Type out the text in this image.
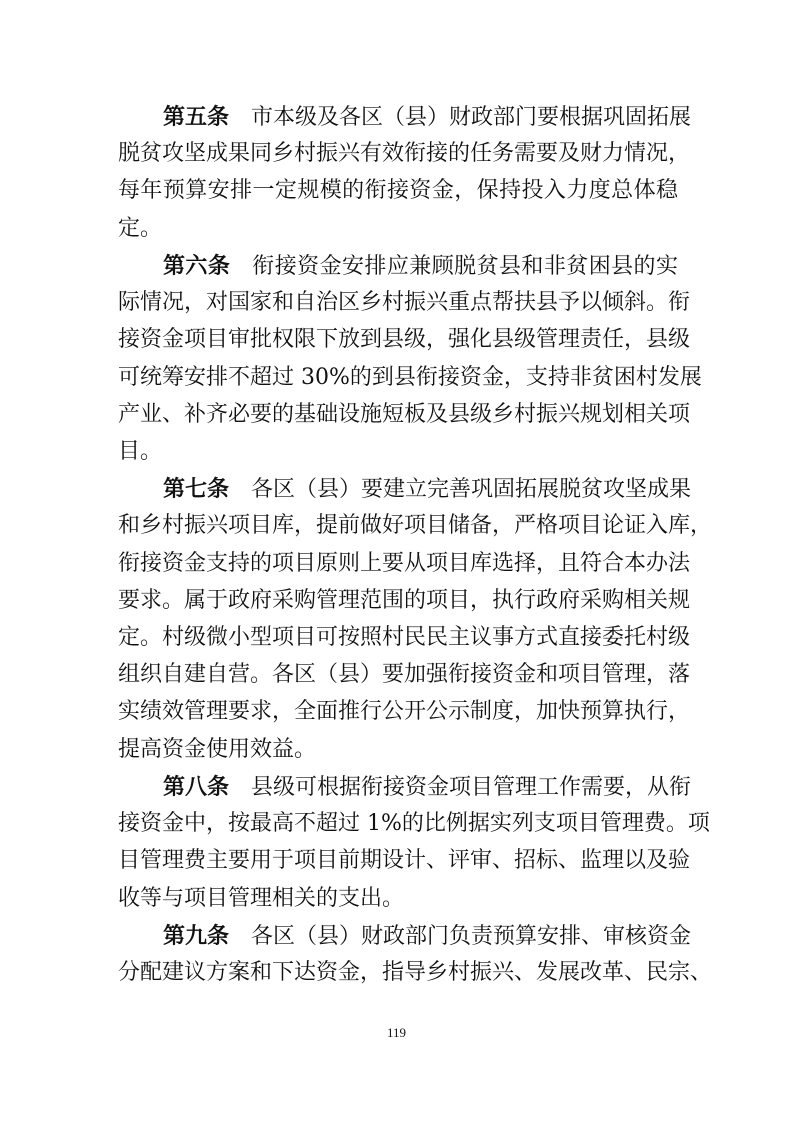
第五条 市本级及各区（县）财政部门要根据巩固拓展
脱贫攻坚成果同乡村振兴有效衔接的任务需要及财力情况，
每年预算安排一定规模的衔接资金，保持投入力度总体稳
定。
第六条 衔接资金安排应兼顾脱贫县和非贫困县的实
际情况，对国家和自治区乡村振兴重点帮扶县予以倾斜。衔
接资金项目审批权限下放到县级，强化县级管理责任，县级
可统筹安排不超过 30%的到县衔接资金，支持非贫困村发展
产业、补齐必要的基础设施短板及县级乡村振兴规划相关项
目。
第七条 各区（县）要建立完善巩固拓展脱贫攻坚成果
和乡村振兴项目库，提前做好项目储备，严格项目论证入库，
衔接资金支持的项目原则上要从项目库选择，且符合本办法
要求。属于政府采购管理范围的项目，执行政府采购相关规
定。村级微小型项目可按照村民民主议事方式直接委托村级
组织自建自营。各区（县）要加强衔接资金和项目管理，落
实绩效管理要求，全面推行公开公示制度，加快预算执行，
提高资金使用效益。
第八条 县级可根据衔接资金项目管理工作需要，从衔
接资金中，按最高不超过 1%的比例据实列支项目管理费。项
目管理费主要用于项目前期设计、评审、招标、监理以及验
收等与项目管理相关的支出。
第九条 各区（县）财政部门负责预算安排、审核资金
119
分配建议方案和下达资金，指导乡村振兴、发展改革、民宗、
